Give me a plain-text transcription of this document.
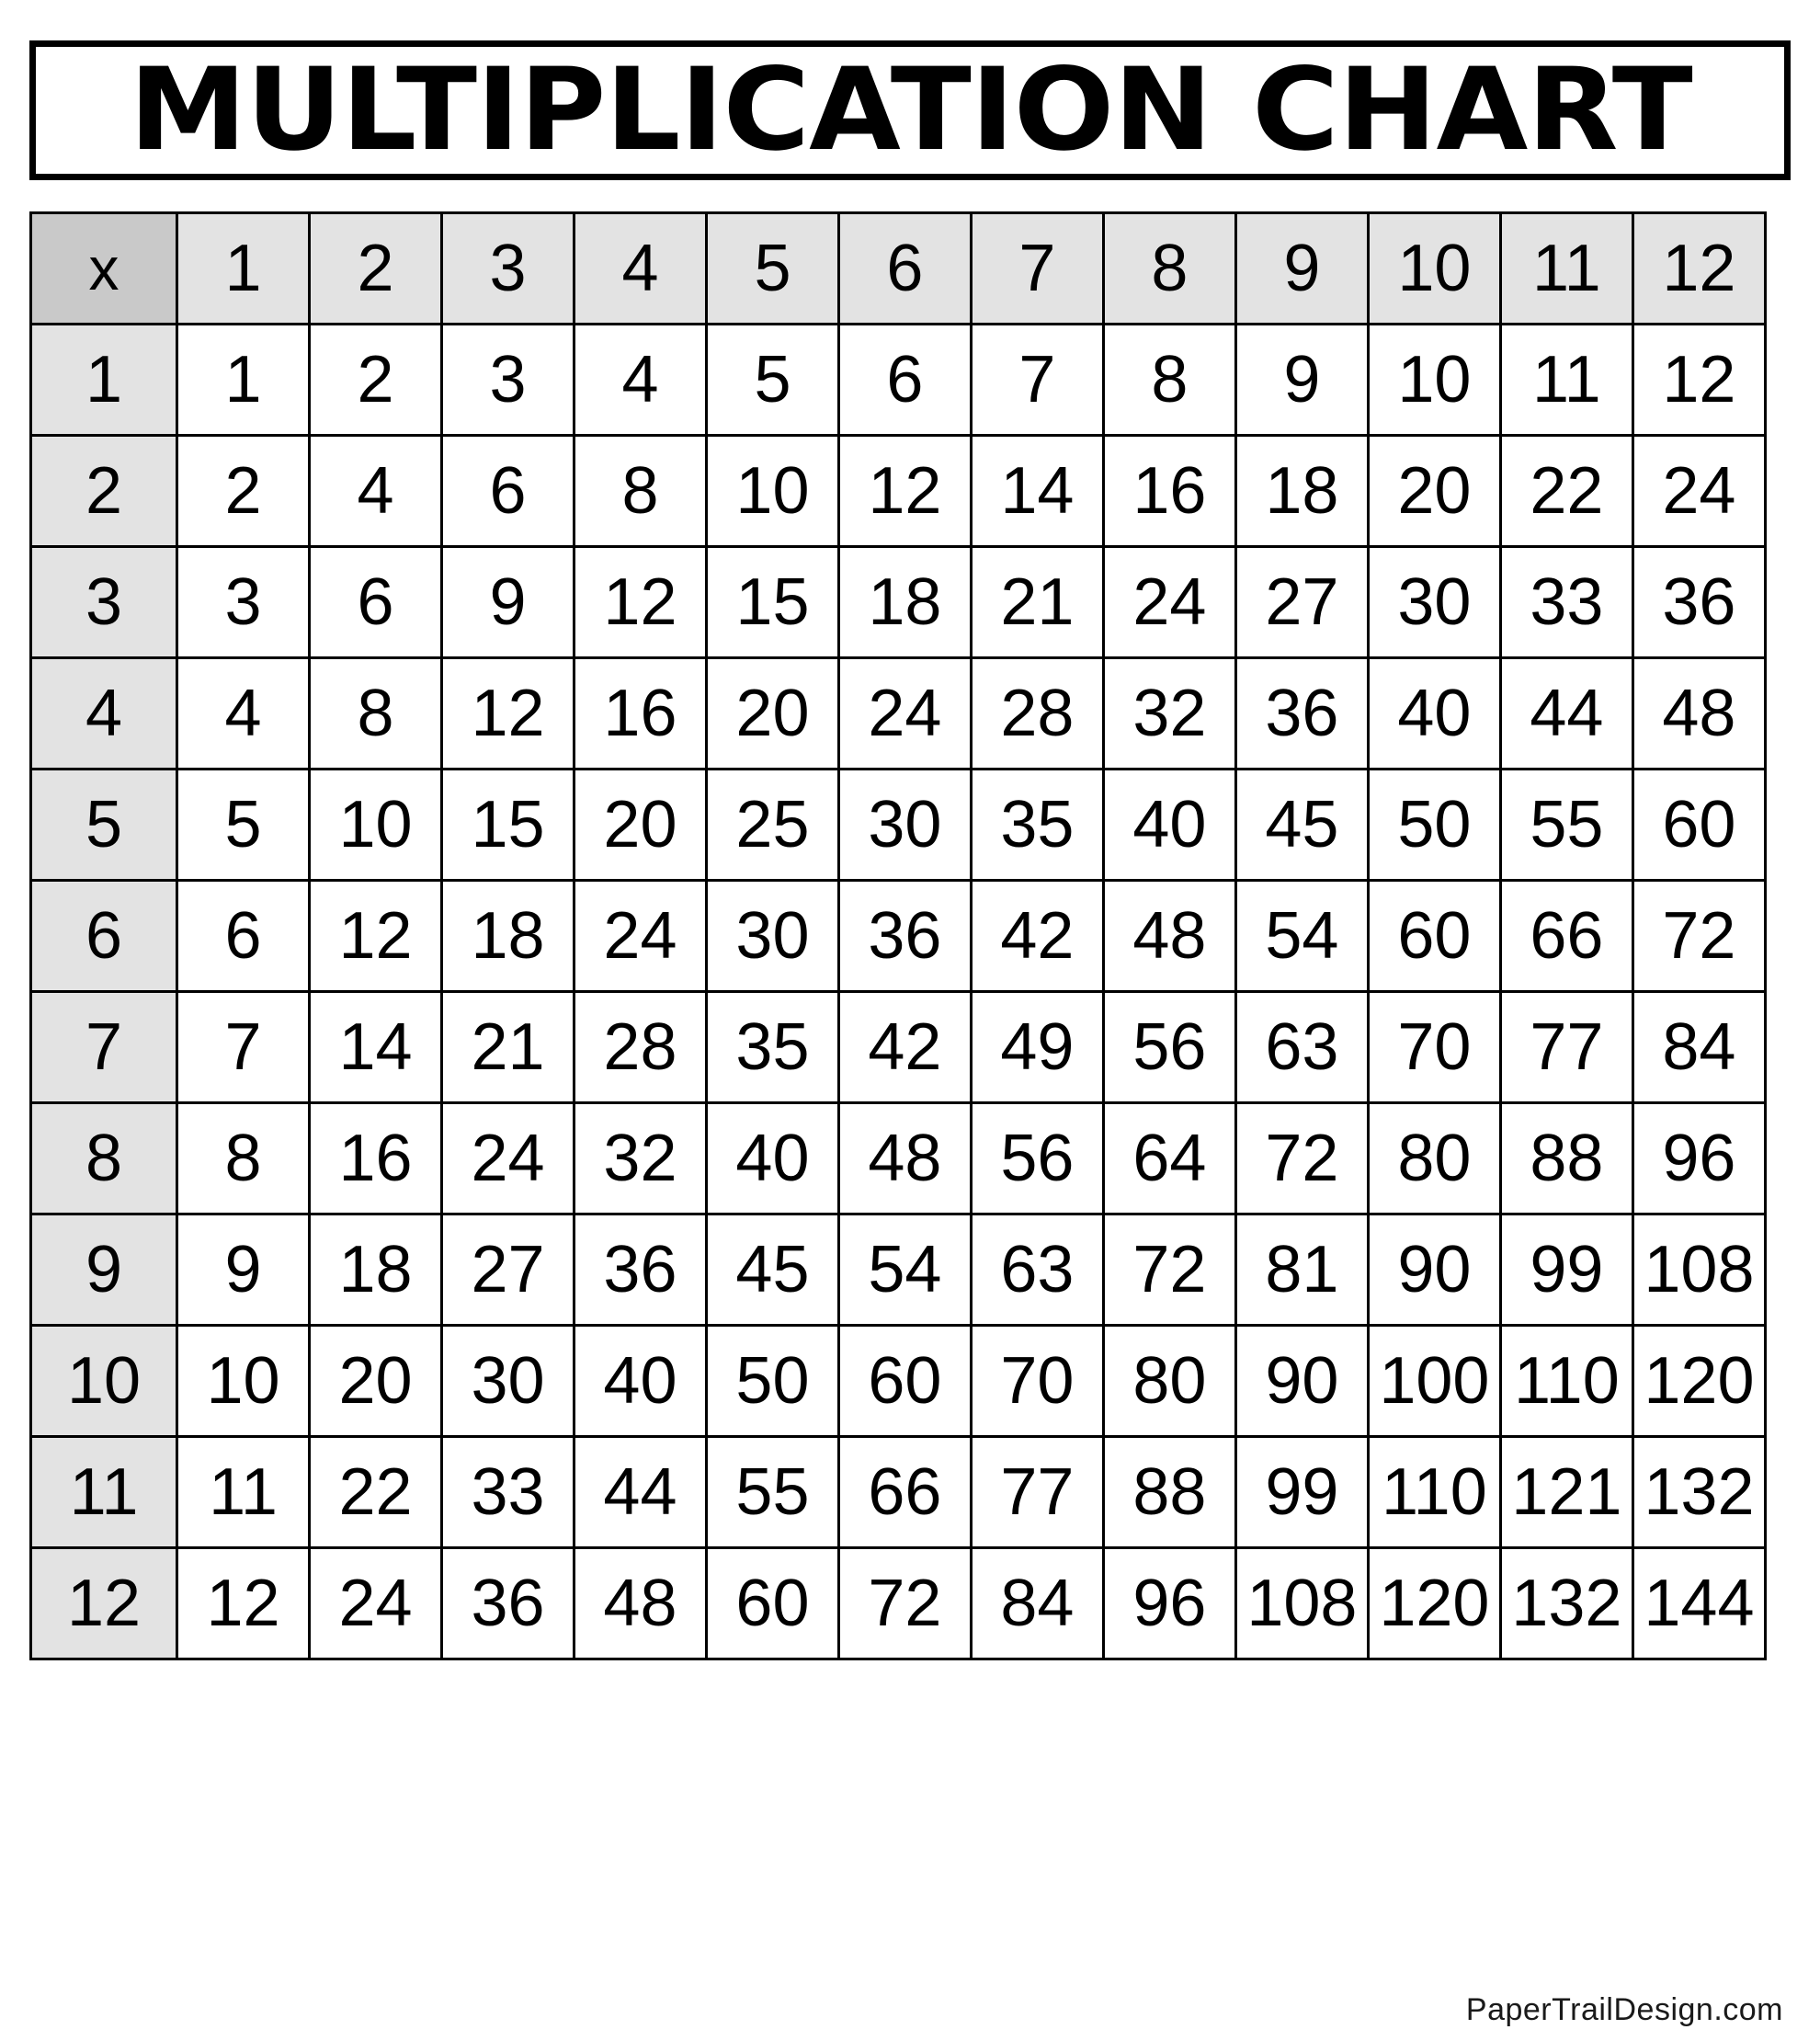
MULTIPLICATION CHART
x	1	2	3	4	5	6	7	8	9	10	11	12
1	1	2	3	4	5	6	7	8	9	10	11	12
2	2	4	6	8	10	12	14	16	18	20	22	24
3	3	6	9	12	15	18	21	24	27	30	33	36
4	4	8	12	16	20	24	28	32	36	40	44	48
5	5	10	15	20	25	30	35	40	45	50	55	60
6	6	12	18	24	30	36	42	48	54	60	66	72
7	7	14	21	28	35	42	49	56	63	70	77	84
8	8	16	24	32	40	48	56	64	72	80	88	96
9	9	18	27	36	45	54	63	72	81	90	99	108
10	10	20	30	40	50	60	70	80	90	100	110	120
11	11	22	33	44	55	66	77	88	99	110	121	132
12	12	24	36	48	60	72	84	96	108	120	132	144
PaperTrailDesign.com
